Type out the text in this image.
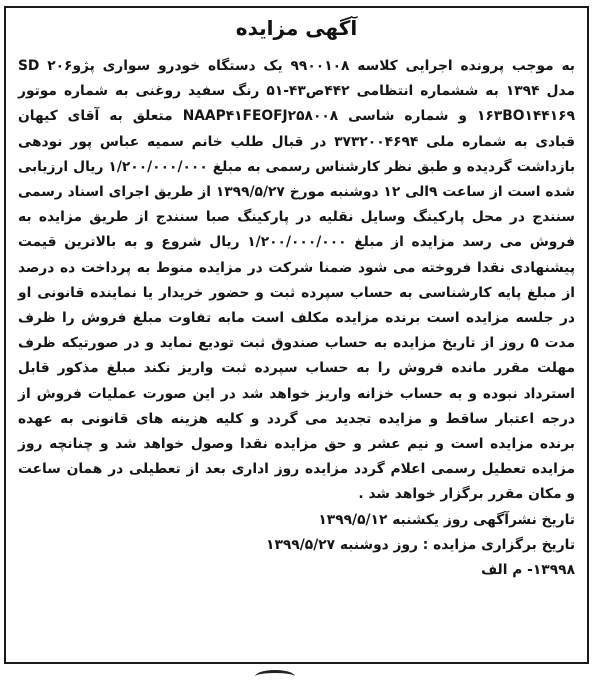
آگهی مزایده

به موجب پرونده اجرایی کلاسه ۹۹۰۰۱۰۸ یک دستگاه خودرو سواری پژو۲۰۶ SD مدل ۱۳۹۴ به ششماره انتظامی ۴۴۲ص۴۳-۵۱ رنگ سفید روغنی به شماره موتور ۱۶۳BO۱۴۴۱۶۹ و شماره شاسی NAAP۴۱FEOFJ۲۵۸۰۰۸ متعلق به آقای کیهان قبادی به شماره ملی ۳۷۳۲۰۰۴۶۹۴ در قبال طلب خانم سمیه عباس پور نودهی بازداشت گردیده و طبق نظر کارشناس رسمی به مبلغ ۱/۲۰۰/۰۰۰/۰۰۰ ریال ارزیابی شده است از ساعت ۹الی ۱۲ دوشنبه مورخ ۱۳۹۹/۵/۲۷ از طریق اجرای اسناد رسمی سنندج در محل پارکینگ وسایل نقلیه در پارکینگ صبا سنندج از طریق مزایده به فروش می رسد مزایده از مبلغ ۱/۲۰۰/۰۰۰/۰۰۰ ریال شروع و به بالاترین قیمت پیشنهادی نقدا فروخته می شود ضمنا شرکت در مزایده منوط به پرداخت ده درصد از مبلغ پایه کارشناسی به حساب سپرده ثبت و حضور خریدار یا نماینده قانونی او در جلسه مزایده است برنده مزایده مکلف است مابه تفاوت مبلغ فروش را ظرف مدت ۵ روز از تاریخ مزایده به حساب صندوق ثبت تودیع نماید و در صورتیکه ظرف مهلت مقرر مانده فروش را به حساب سپرده ثبت واریز نکند مبلغ مذکور قابل استرداد نبوده و به حساب خزانه واریز خواهد شد در این صورت عملیات فروش از درجه اعتبار ساقط و مزایده تجدید می گردد و کلیه هزینه های قانونی به عهده برنده مزایده است و نیم عشر و حق مزایده نقدا وصول خواهد شد و چنانچه روز مزایده تعطیل رسمی اعلام گردد مزایده روز اداری بعد از تعطیلی در همان ساعت و مکان مقرر برگزار خواهد شد .

تاریخ نشرآگهی روز یکشنبه ۱۳۹۹/۵/۱۲
تاریخ برگزاری مزایده : روز دوشنبه ۱۳۹۹/۵/۲۷
۱۳۹۹۸- م الف
